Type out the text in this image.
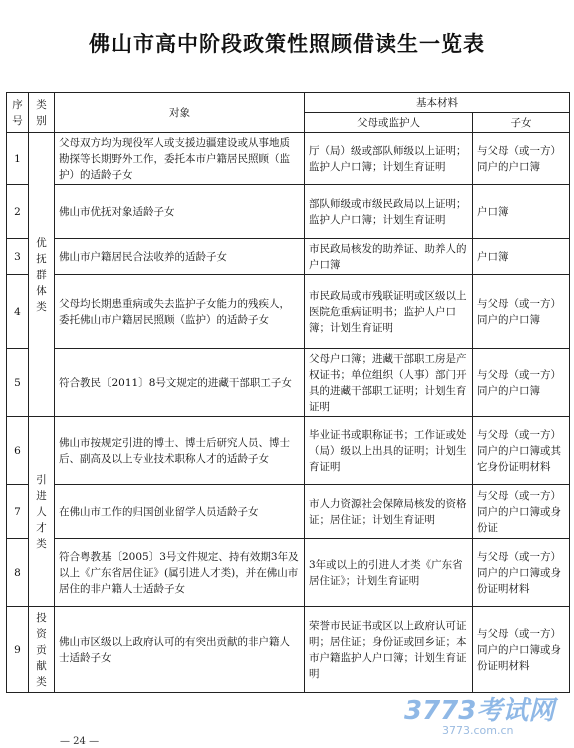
佛山市高中阶段政策性照顾借读生一览表
序号	类别	对象	基本材料	
			父母或监护人	子女
1	优抚群体类	父母双方均为现役军人或支援边疆建设或从事地质勘探等长期野外工作，委托本市户籍居民照顾（监护）的适龄子女	厅（局）级或部队师级以上证明；监护人户口簿；计划生育证明	与父母（或一方）同户的户口簿
2		佛山市优抚对象适龄子女	部队师级或市级民政局以上证明；监护人户口簿；计划生育证明	户口簿
3		佛山市户籍居民合法收养的适龄子女	市民政局核发的助养证、助养人的户口簿	户口簿
4		父母均长期患重病或失去监护子女能力的残疾人，委托佛山市户籍居民照顾（监护）的适龄子女	市民政局或市残联证明或区级以上医院危重病证明书；监护人户口簿；计划生育证明	与父母（或一方）同户的户口簿
5		符合教民〔2011〕8号文规定的进藏干部职工子女	父母户口簿；进藏干部职工房是产权证书；单位组织（人事）部门开具的进藏干部职工证明；计划生育证明	与父母（或一方）同户的户口簿
6	引进人才类	佛山市按规定引进的博士、博士后研究人员、博士后、副高及以上专业技术职称人才的适龄子女	毕业证书或职称证书；工作证或处（局）级以上出具的证明；计划生育证明	与父母（或一方）同户的户口簿或其它身份证明材料
7		在佛山市工作的归国创业留学人员适龄子女	市人力资源社会保障局核发的资格证；居住证；计划生育证明	与父母（或一方）同户的户口簿或身份证
8		符合粤教基〔2005〕3号文件规定、持有效期3年及以上《广东省居住证》(属引进人才类)，并在佛山市居住的非户籍人士适龄子女	3年或以上的引进人才类《广东省居住证》；计划生育证明	与父母（或一方）同户的户口簿或身份证明材料
9	投资贡献类	佛山市区级以上政府认可的有突出贡献的非户籍人士适龄子女	荣誉市民证书或区以上政府认可证明；居住证；身份证或回乡证；本市户籍监护人户口簿；计划生育证明	与父母（或一方）同户的户口簿或身份证明材料
— 24 —
3773考试网
3773.com.cn
